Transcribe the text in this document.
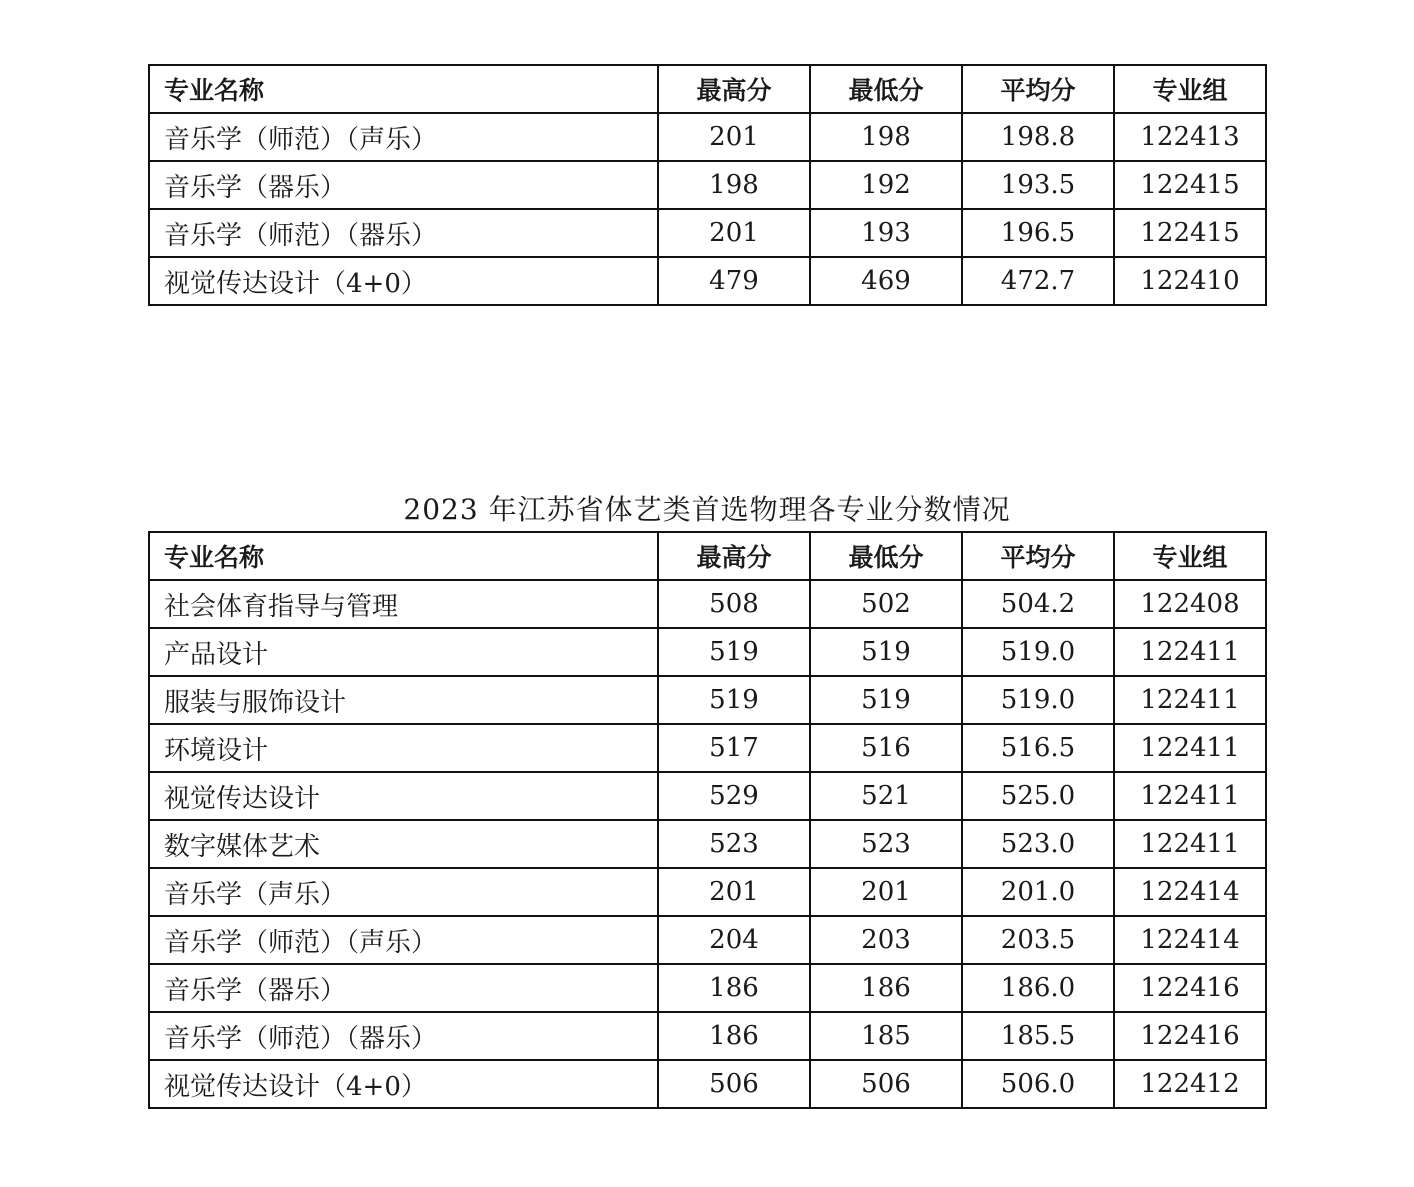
专业名称	最高分	最低分	平均分	专业组
音乐学（师范）（声乐）	201	198	198.8	122413
音乐学（器乐）	198	192	193.5	122415
音乐学（师范）（器乐）	201	193	196.5	122415
视觉传达设计（4+0）	479	469	472.7	122410
2023 年江苏省体艺类首选物理各专业分数情况
专业名称	最高分	最低分	平均分	专业组
社会体育指导与管理	508	502	504.2	122408
产品设计	519	519	519.0	122411
服装与服饰设计	519	519	519.0	122411
环境设计	517	516	516.5	122411
视觉传达设计	529	521	525.0	122411
数字媒体艺术	523	523	523.0	122411
音乐学（声乐）	201	201	201.0	122414
音乐学（师范）（声乐）	204	203	203.5	122414
音乐学（器乐）	186	186	186.0	122416
音乐学（师范）（器乐）	186	185	185.5	122416
视觉传达设计（4+0）	506	506	506.0	122412
